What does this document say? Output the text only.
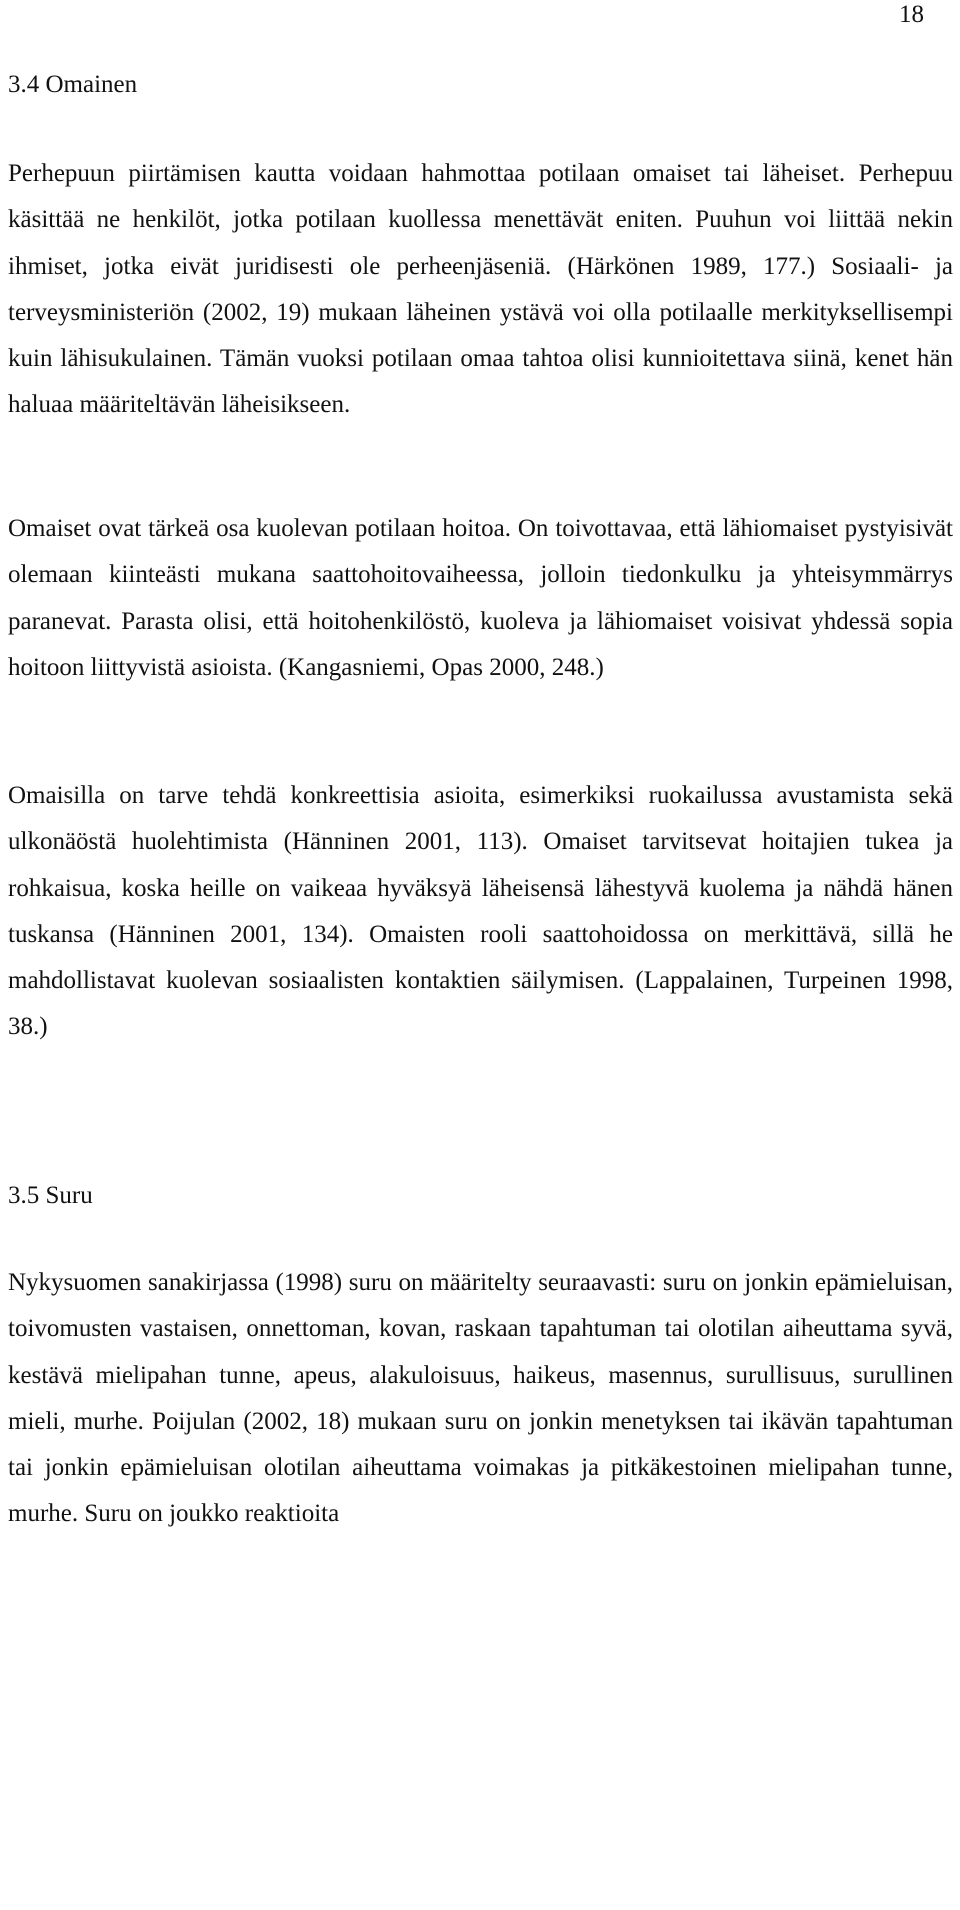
18
3.4 Omainen

Perhepuun piirtämisen kautta voidaan hahmottaa potilaan omaiset tai läheiset. Perhepuu käsittää ne henkilöt, jotka potilaan kuollessa menettävät eniten. Puuhun voi liittää nekin ihmiset, jotka eivät juridisesti ole perheenjäseniä. (Härkönen 1989, 177.) Sosiaali- ja terveysministeriön (2002, 19) mukaan läheinen ystävä voi olla potilaalle merkityksellisempi kuin lähisukulainen. Tämän vuoksi potilaan omaa tahtoa olisi kunnioitettava siinä, kenet hän haluaa määriteltävän läheisikseen.

Omaiset ovat tärkeä osa kuolevan potilaan hoitoa. On toivottavaa, että lähiomaiset pystyisivät olemaan kiinteästi mukana saattohoitovaiheessa, jolloin tiedonkulku ja yhteisymmärrys paranevat. Parasta olisi, että hoitohenkilöstö, kuoleva ja lähiomaiset voisivat yhdessä sopia hoitoon liittyvistä asioista. (Kangasniemi, Opas 2000, 248.)

Omaisilla on tarve tehdä konkreettisia asioita, esimerkiksi ruokailussa avustamista sekä ulkonäöstä huolehtimista (Hänninen 2001, 113). Omaiset tarvitsevat hoitajien tukea ja rohkaisua, koska heille on vaikeaa hyväksyä läheisensä lähestyvä kuolema ja nähdä hänen tuskansa (Hänninen 2001, 134). Omaisten rooli saattohoidossa on merkittävä, sillä he mahdollistavat kuolevan sosiaalisten kontaktien säilymisen. (Lappalainen, Turpeinen 1998, 38.)

3.5 Suru

Nykysuomen sanakirjassa (1998) suru on määritelty seuraavasti: suru on jonkin epämieluisan, toivomusten vastaisen, onnettoman, kovan, raskaan tapahtuman tai olotilan aiheuttama syvä, kestävä mielipahan tunne, apeus, alakuloisuus, haikeus, masennus, surullisuus, surullinen mieli, murhe. Poijulan (2002, 18) mukaan suru on jonkin menetyksen tai ikävän tapahtuman tai jonkin epämieluisan olotilan aiheuttama voimakas ja pitkäkestoinen mielipahan tunne, murhe. Suru on joukko reaktioita
